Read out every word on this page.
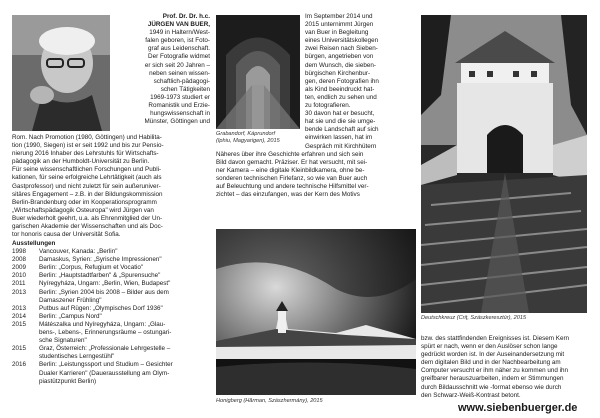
Prof. Dr. Dr. h.c.
JÜRGEN VAN BUER,
1949 in Haltern/West-
falen geboren, ist Foto-
graf aus Leidenschaft.
Der Fotografie widmet
er sich seit 20 Jahren –
neben seinen wissen-
schaftlich-pädagogi-
schen Tätigkeiten
1969-1973 studiert er
Romanistik und Erzie-
hungswissenschaft in
Münster, Göttingen und
Rom. Nach Promotion (1980, Göttingen) und Habilita-
tion (1990, Siegen) ist er seit 1992 und bis zur Pensio-
nierung 2016 Inhaber des Lehrstuhls für Wirtschafts-
pädagogik an der Humboldt-Universität zu Berlin.
Für seine wissenschaftlichen Forschungen und Publi-
kationen, für seine erfolgreiche Lehrtätigkeit (auch als
Gastprofessor) und nicht zuletzt für sein außeruniver-
sitäres Engagement – z.B. in der Bildungskommission
Berlin-Brandenburg oder im Kooperationsprogramm
„Wirtschaftspädagogik Osteuropa" wird Jürgen van
Buer wiederholt geehrt, u.a. als Ehrenmitglied der Un-
garischen Akademie der Wissenschaften und als Doc-
tor honoris causa der Universität Sofia.
Ausstellungen
1998	Vancouver, Kanada: „Berlin"
2008	Damaskus, Syrien: „Syrische Impressionen"
2009	Berlin: „Corpus, Refugium et Vocatio"
2010	Berlin: „Hauptstadtfarben" & „Spurensuche"
2011	Nyíregyháza, Ungarn: „Berlin, Wien, Budapest"
2013	Berlin: „Syrien 2004 bis 2008 – Bilder aus dem
Damaszener Frühling"
2013	Putbus auf Rügen: „Olympisches Dorf 1936"
2014	Berlin: „Campus Nord"
2015	Mátészalka und Nyíregyháza, Ungarn: „Glau-
bens-, Lebens-, Erinnerungsräume – ostungari-
sche Signaturen"
2015	Graz, Österreich: „Professionale Lehrgestelle –
studentisches Lerngestühl"
2016	Berlin: „Leistungssport und Studium – Gesichter
Dualer Karrieren" (Dauerausstellung am Olym-
piastützpunkt Berlin)
Grabandorf, Káprundorf
(Iphiu, Magyarigen), 2015
Im September 2014 und
2015 unternimmt Jürgen
van Buer in Begleitung
eines Universitätskollegen
zwei Reisen nach Sieben-
bürgen, angetrieben von
dem Wunsch, die sieben-
bürgischen Kirchenbur-
gen, deren Fotografien ihn
als Kind beeindruckt hat-
ten, endlich zu sehen und
zu fotografieren.
30 davon hat er besucht,
hat sie und die sie umge-
bende Landschaft auf sich
einwirken lassen, hat im
Gespräch mit Kirchhütern
Näheres über ihre Geschichte erfahren und sich sein
Bild davon gemacht. Präziser. Er hat versucht, mit sei-
ner Kamera – eine digitale Kleinbildkamera, ohne be-
sonderen technischen Firlefanz, so wie van Buer auch
auf Beleuchtung und andere technische Hilfsmittel ver-
zichtet – das einzufangen, was der Kern des Motivs
Honigberg (Hărman, Szászhermány), 2015
Deutschkreuz (Criț, Szászkeresztúr), 2015
bzw. des stattfindenden Ereignisses ist. Diesem Kern
spürt er nach, wenn er den Auslöser schon lange
gedrückt worden ist. In der Auseinandersetzung mit
dem digitalen Bild und in der Nachbearbeitung am
Computer versucht er ihm näher zu kommen und ihn
greifbarer herauszuarbeiten, indem er Stimmungen
durch Bildausschnitt wie -format ebenso wie durch
den Schwarz-Weiß-Kontrast betont.
www.siebenbuerger.de
